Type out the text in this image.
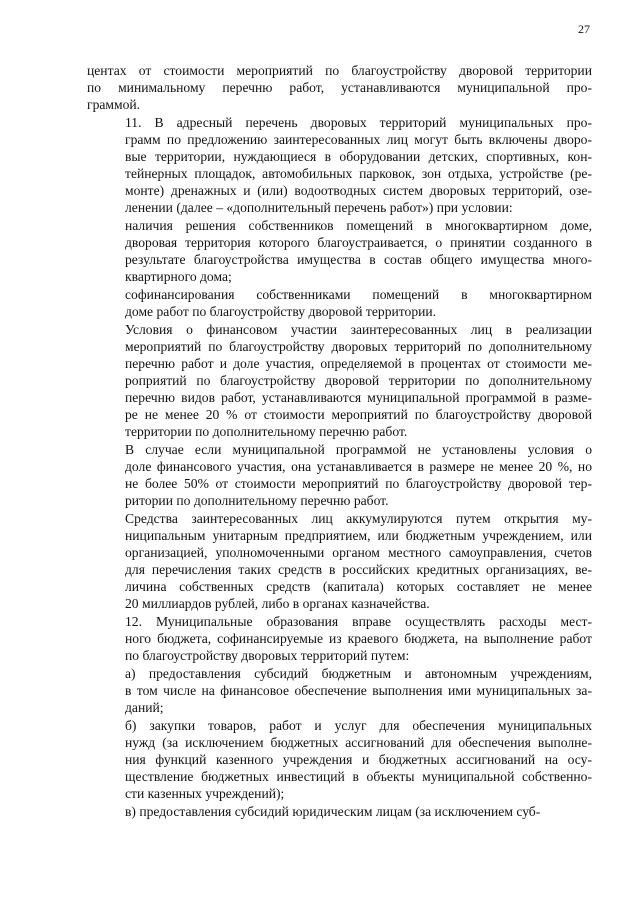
27
центах от стоимости мероприятий по благоустройству дворовой территории
по минимальному перечню работ, устанавливаются муниципальной про-
граммой.
11. В адресный перечень дворовых территорий муниципальных про-
грамм по предложению заинтересованных лиц могут быть включены дворо-
вые территории, нуждающиеся в оборудовании детских, спортивных, кон-
тейнерных площадок, автомобильных парковок, зон отдыха, устройстве (ре-
монте) дренажных и (или) водоотводных систем дворовых территорий, озе-
ленении (далее – «дополнительный перечень работ») при условии:
наличия решения собственников помещений в многоквартирном доме,
дворовая территория которого благоустраивается, о принятии созданного в
результате благоустройства имущества в состав общего имущества много-
квартирного дома;
софинансирования собственниками помещений в многоквартирном
доме работ по благоустройству дворовой территории.
Условия о финансовом участии заинтересованных лиц в реализации
мероприятий по благоустройству дворовых территорий по дополнительному
перечню работ и доле участия, определяемой в процентах от стоимости ме-
роприятий по благоустройству дворовой территории по дополнительному
перечню видов работ, устанавливаются муниципальной программой в разме-
ре не менее 20 % от стоимости мероприятий по благоустройству дворовой
территории по дополнительному перечню работ.
В случае если муниципальной программой не установлены условия о
доле финансового участия, она устанавливается в размере не менее 20 %, но
не более 50% от стоимости мероприятий по благоустройству дворовой тер-
ритории по дополнительному перечню работ.
Средства заинтересованных лиц аккумулируются путем открытия му-
ниципальным унитарным предприятием, или бюджетным учреждением, или
организацией, уполномоченными органом местного самоуправления, счетов
для перечисления таких средств в российских кредитных организациях, ве-
личина собственных средств (капитала) которых составляет не менее
20 миллиардов рублей, либо в органах казначейства.
12. Муниципальные образования вправе осуществлять расходы мест-
ного бюджета, софинансируемые из краевого бюджета, на выполнение работ
по благоустройству дворовых территорий путем:
а) предоставления субсидий бюджетным и автономным учреждениям,
в том числе на финансовое обеспечение выполнения ими муниципальных за-
даний;
б) закупки товаров, работ и услуг для обеспечения муниципальных
нужд (за исключением бюджетных ассигнований для обеспечения выполне-
ния функций казенного учреждения и бюджетных ассигнований на осу-
ществление бюджетных инвестиций в объекты муниципальной собственно-
сти казенных учреждений);
в) предоставления субсидий юридическим лицам (за исключением суб-
